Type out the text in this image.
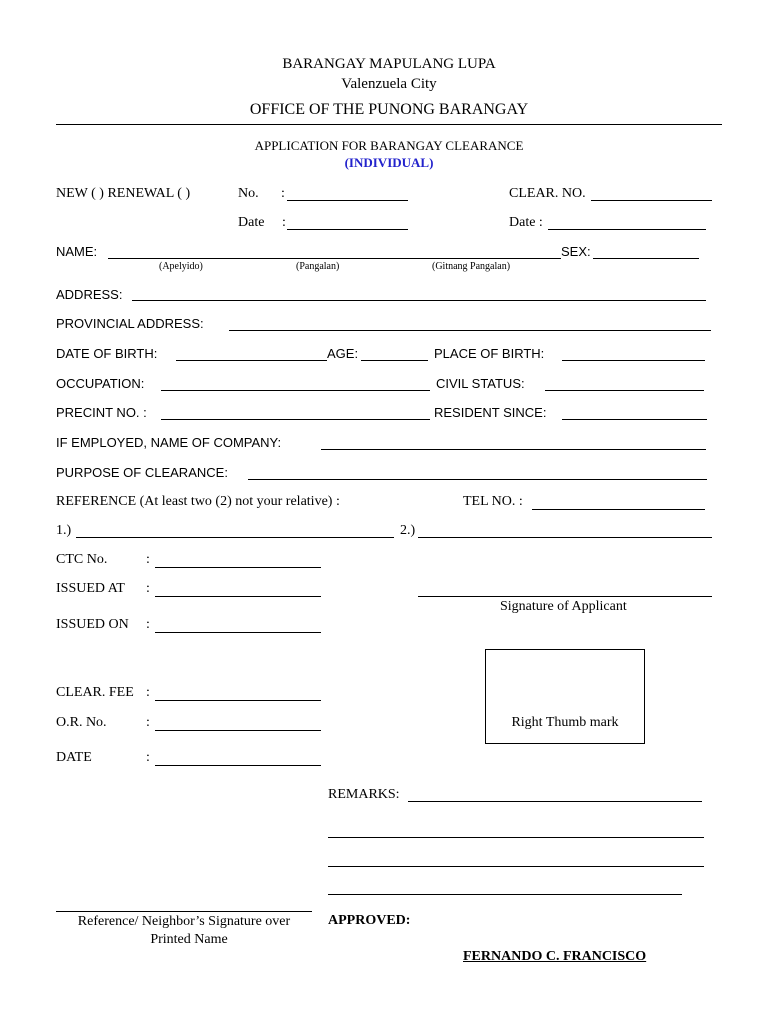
BARANGAY MAPULANG LUPA
Valenzuela City
OFFICE OF THE PUNONG BARANGAY
APPLICATION FOR BARANGAY CLEARANCE
(INDIVIDUAL)
NEW ( ) RENEWAL ( )	No. :	CLEAR. NO.
Date :	Date :
NAME:	SEX:
(Apelyido)	(Pangalan)	(Gitnang Pangalan)
ADDRESS:
PROVINCIAL ADDRESS:
DATE OF BIRTH:	AGE:	PLACE OF BIRTH:
OCCUPATION:	CIVIL STATUS:
PRECINT NO. :	RESIDENT SINCE:
IF EMPLOYED, NAME OF COMPANY:
PURPOSE OF CLEARANCE:
REFERENCE (At least two (2) not your relative) :	TEL NO. :
1.)	2.)
CTC No.	:
ISSUED AT :
Signature of Applicant
ISSUED ON :
Right Thumb mark
CLEAR. FEE :
O.R. No.	:
DATE	:
REMARKS:
Reference/ Neighbor’s Signature over
Printed Name
APPROVED:
FERNANDO C. FRANCISCO
